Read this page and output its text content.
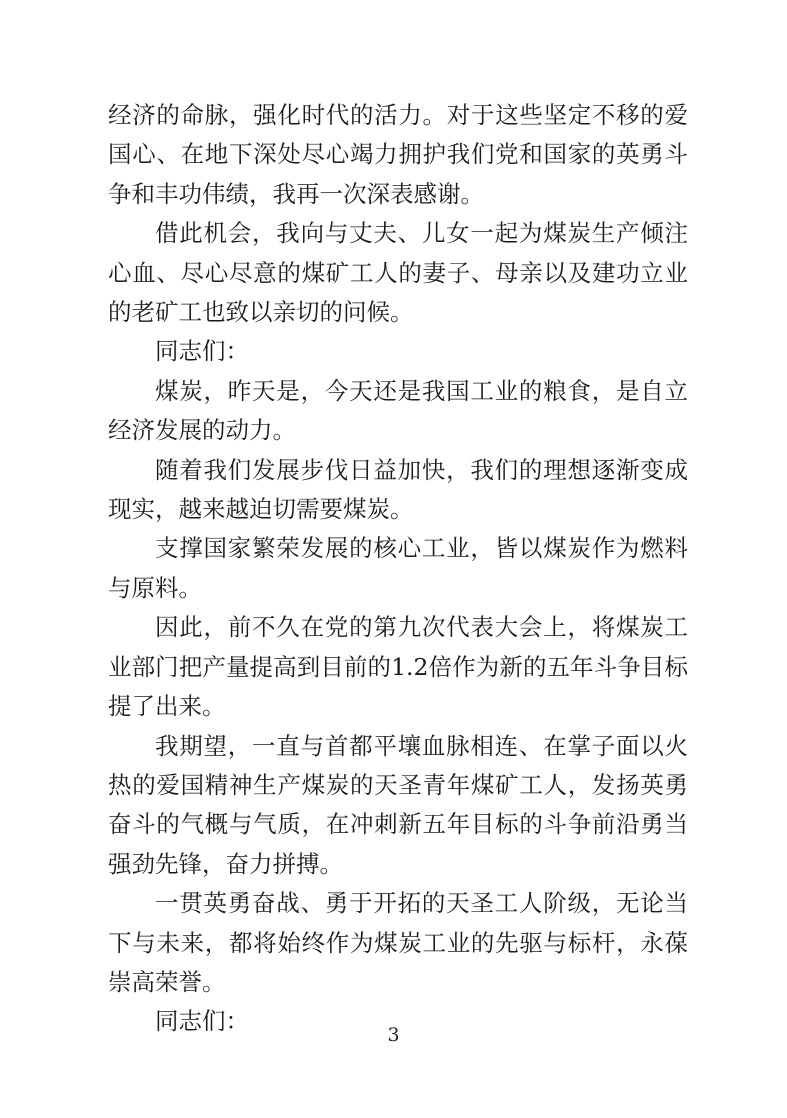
经济的命脉，强化时代的活力。对于这些坚定不移的爱国心、在地下深处尽心竭力拥护我们党和国家的英勇斗争和丰功伟绩，我再一次深表感谢。

借此机会，我向与丈夫、儿女一起为煤炭生产倾注心血、尽心尽意的煤矿工人的妻子、母亲以及建功立业的老矿工也致以亲切的问候。

同志们：

煤炭，昨天是，今天还是我国工业的粮食，是自立经济发展的动力。

随着我们发展步伐日益加快，我们的理想逐渐变成现实，越来越迫切需要煤炭。

支撑国家繁荣发展的核心工业，皆以煤炭作为燃料与原料。

因此，前不久在党的第九次代表大会上，将煤炭工业部门把产量提高到目前的1.2倍作为新的五年斗争目标提了出来。

我期望，一直与首都平壤血脉相连、在掌子面以火热的爱国精神生产煤炭的天圣青年煤矿工人，发扬英勇奋斗的气概与气质，在冲刺新五年目标的斗争前沿勇当强劲先锋，奋力拼搏。

一贯英勇奋战、勇于开拓的天圣工人阶级，无论当下与未来，都将始终作为煤炭工业的先驱与标杆，永葆崇高荣誉。

同志们：	3
